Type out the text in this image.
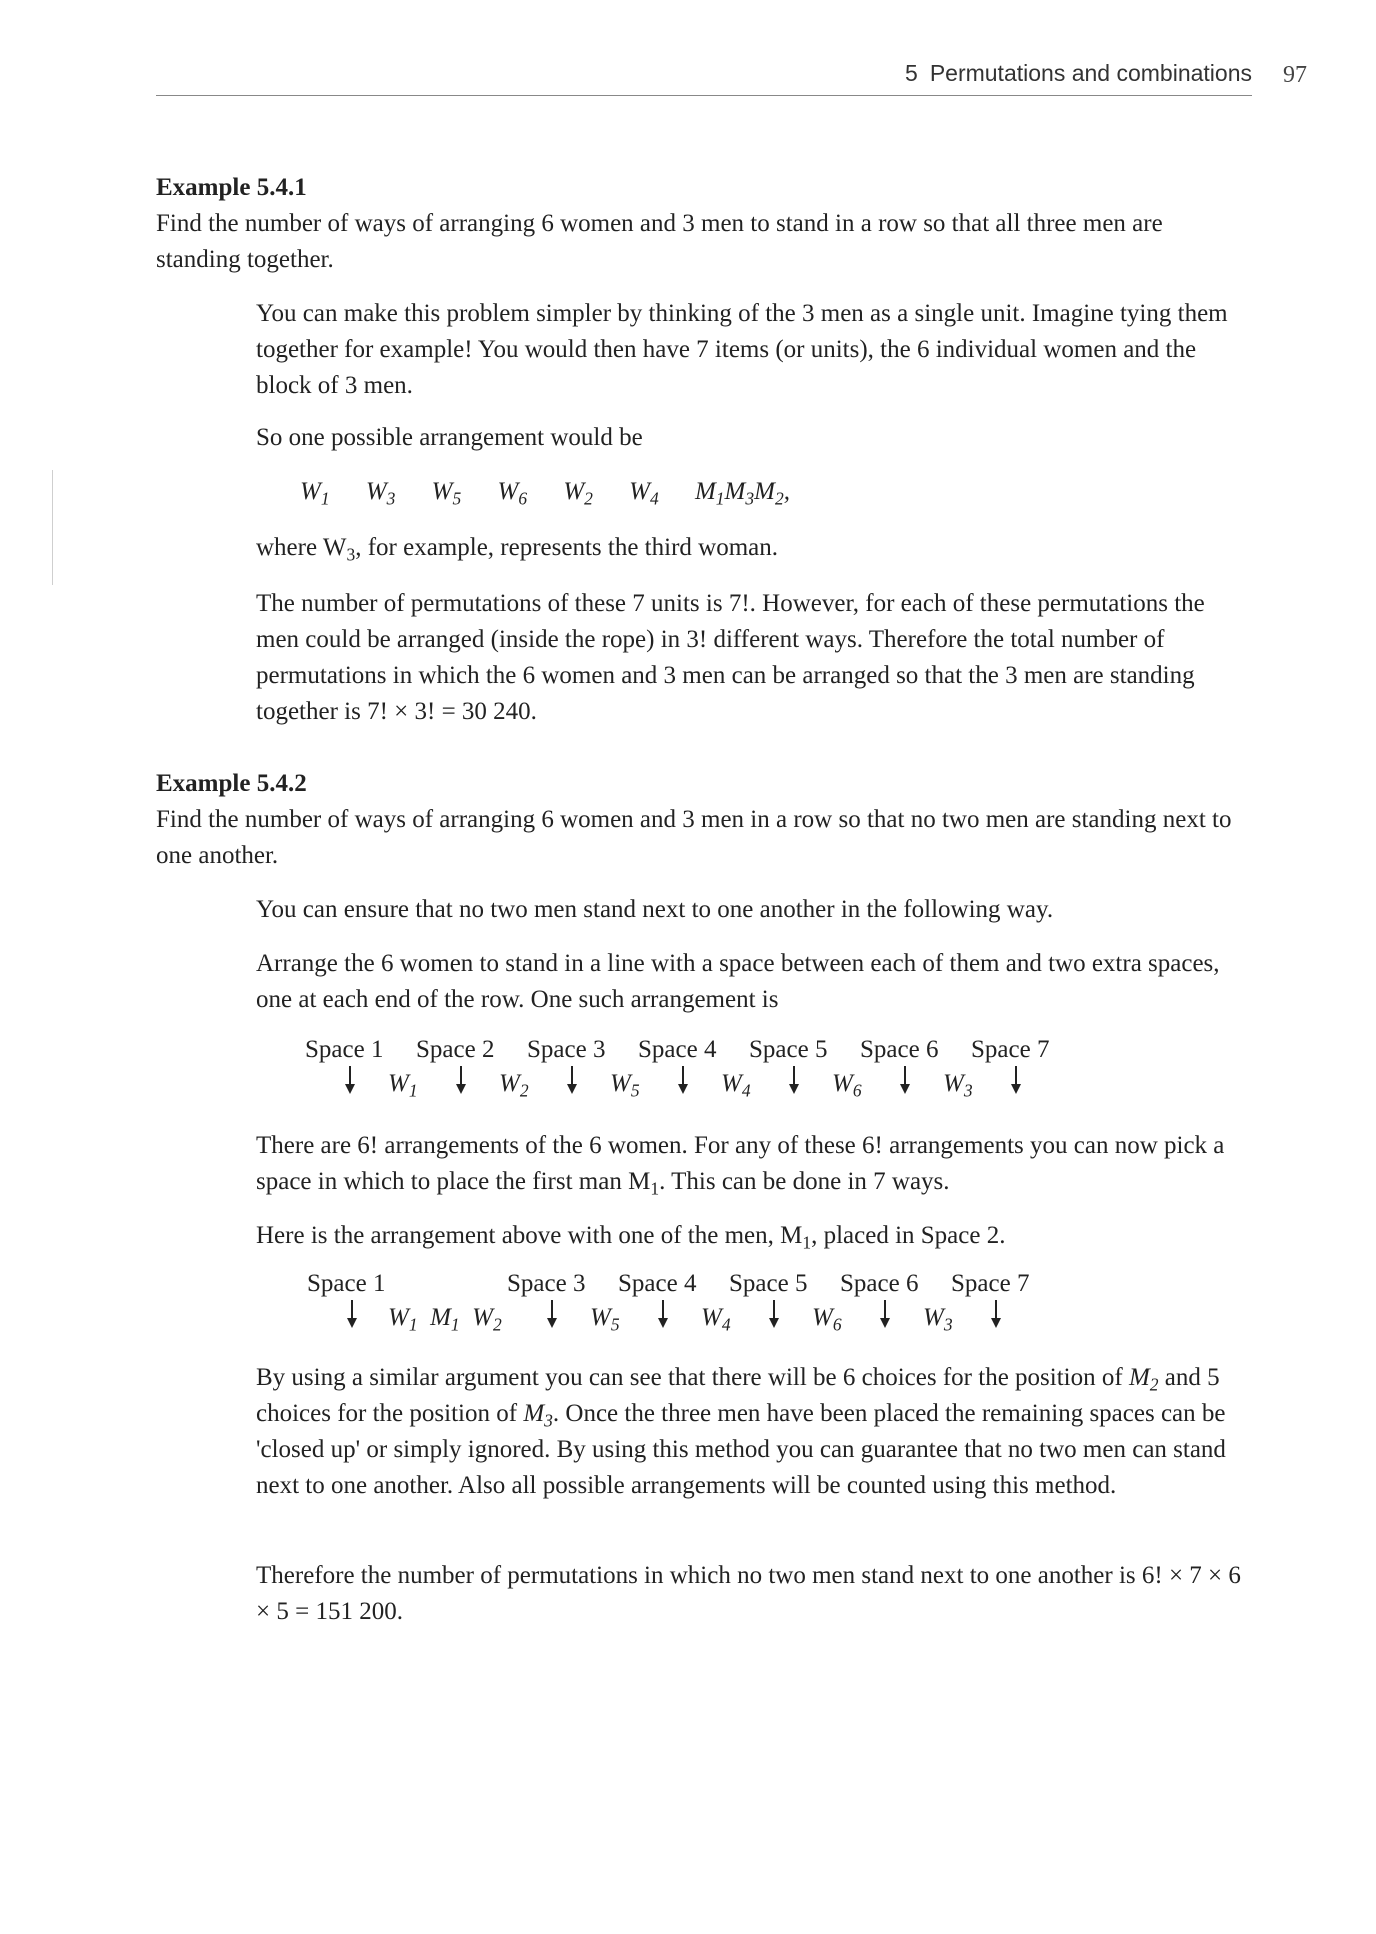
5 Permutations and combinations 97
Example 5.4.1

Find the number of ways of arranging 6 women and 3 men to stand in a row so that all three men are standing together.

You can make this problem simpler by thinking of the 3 men as a single unit. Imagine tying them together for example! You would then have 7 items (or units), the 6 individual women and the block of 3 men.

So one possible arrangement would be

$W_1$ $W_3$ $W_5$ $W_6$ $W_2$ $W_4$ $M_1M_3M_2$,

where $W_3$, for example, represents the third woman.

The number of permutations of these 7 units is 7!. However, for each of these permutations the men could be arranged (inside the rope) in 3! different ways. Therefore the total number of permutations in which the 6 women and 3 men can be arranged so that the 3 men are standing together is 7! × 3! = 30 240.

Example 5.4.2

Find the number of ways of arranging 6 women and 3 men in a row so that no two men are standing next to one another.

You can ensure that no two men stand next to one another in the following way.

Arrange the 6 women to stand in a line with a space between each of them and two extra spaces, one at each end of the row. One such arrangement is

Space 1 Space 2 Space 3 Space 4 Space 5 Space 6 Space 7
$W_1$	$W_2$	$W_5$	$W_4$	$W_6$	$W_3$

There are 6! arrangements of the 6 women. For any of these 6! arrangements you can now pick a space in which to place the first man $M_1$. This can be done in 7 ways.

Here is the arrangement above with one of the men, $M_1$, placed in Space 2.

Space 1	Space 3 Space 4 Space 5 Space 6 Space 7
$W_1$  $M_1$  $W_2$	$W_5$	$W_4$	$W_6$	$W_3$

By using a similar argument you can see that there will be 6 choices for the position of $M_2$ and 5 choices for the position of $M_3$. Once the three men have been placed the remaining spaces can be 'closed up' or simply ignored. By using this method you can guarantee that no two men can stand next to one another. Also all possible arrangements will be counted using this method.

Therefore the number of permutations in which no two men stand next to one another is 6! × 7 × 6 × 5 = 151 200.
